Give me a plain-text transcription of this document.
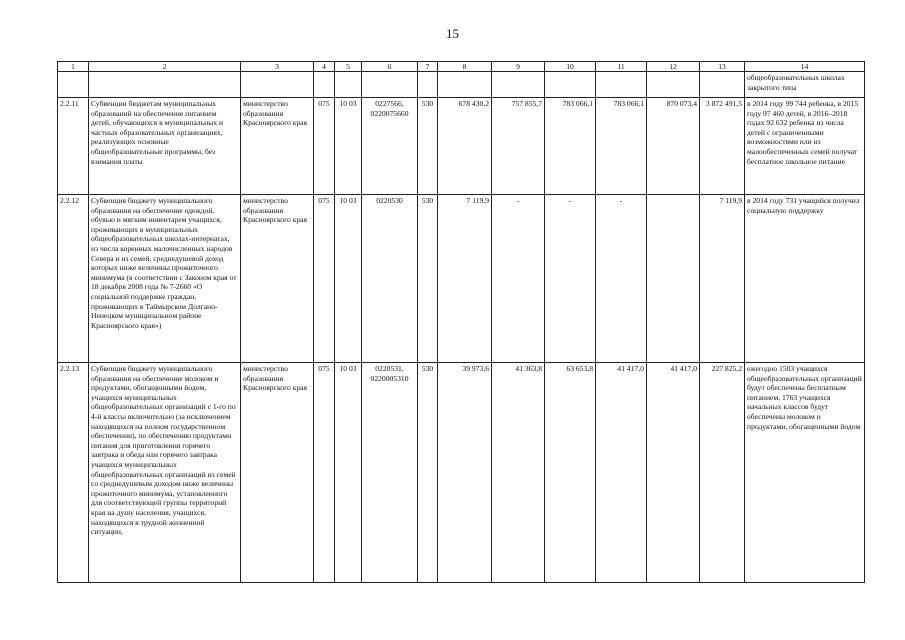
15
1	2	3	4	5	6	7	8	9	10	11	12	13	14
													общеобразовательных школах закрытого типа
2.2.11	Субвенции бюджетам муниципальных образований на обеспечение питанием детей, обучающихся в муниципальных и частных образовательных организациях, реализующих основные общеобразовательные программы, без взимания платы	министерство образования Красноярского края	075	10 03	0227566, 0220075660	530	678 430,2	757 855,7	783 066,1	783 066,1	870 073,4	3 872 491,5	в 2014 году 99 744 ребенка, в 2015 году 97 460 детей, в 2016–2018 годах 92 632 ребенка из числа детей с ограниченными возможностями или из малообеспеченных семей получат бесплатное школьное питание
2.2.12	Субвенция бюджету муниципального образования на обеспечение одеждой, обувью и мягким инвентарем учащихся, проживающих в муниципальных общеобразовательных школах-интернатах, из числа коренных малочисленных народов Севера и из семей, среднедушевой доход которых ниже величины прожиточного минимума (в соответствии с Законом края от 18 декабря 2008 года № 7-2660 «О социальной поддержке граждан, проживающих в Таймырском Долгано-Ненецком муниципальном районе Красноярского края»)	министерство образования Красноярского края	075	10 03	0220530	530	7 119,9	-	-	-		7 119,9	в 2014 году 731 учащийся получил социальную поддержку
2.2.13	Субвенция бюджету муниципального образования на обеспечение молоком и продуктами, обогащенными йодом, учащихся муниципальных общеобразовательных организаций с 1-го по 4-й классы включительно (за исключением находящихся на полном государственном обеспечении), по обеспечению продуктами питания для приготовления горячего завтрака и обеда или горячего завтрака учащихся муниципальных общеобразовательных организаций из семей со среднедушевым доходом ниже величины прожиточного минимума, установленного для соответствующей группы территорий края на душу населения, учащихся, находящихся в трудной жизненной ситуации,	министерство образования Красноярского края	075	10 03	0220531, 0220005310	530	39 973,6	41 363,8	63 653,8	41 417,0	41 417,0	227 825,2	ежегодно 1503 учащихся общеобразовательных организаций будут обеспечены бесплатным питанием, 1763 учащихся начальных классов будут обеспечены молоком и продуктами, обогащенными йодом
